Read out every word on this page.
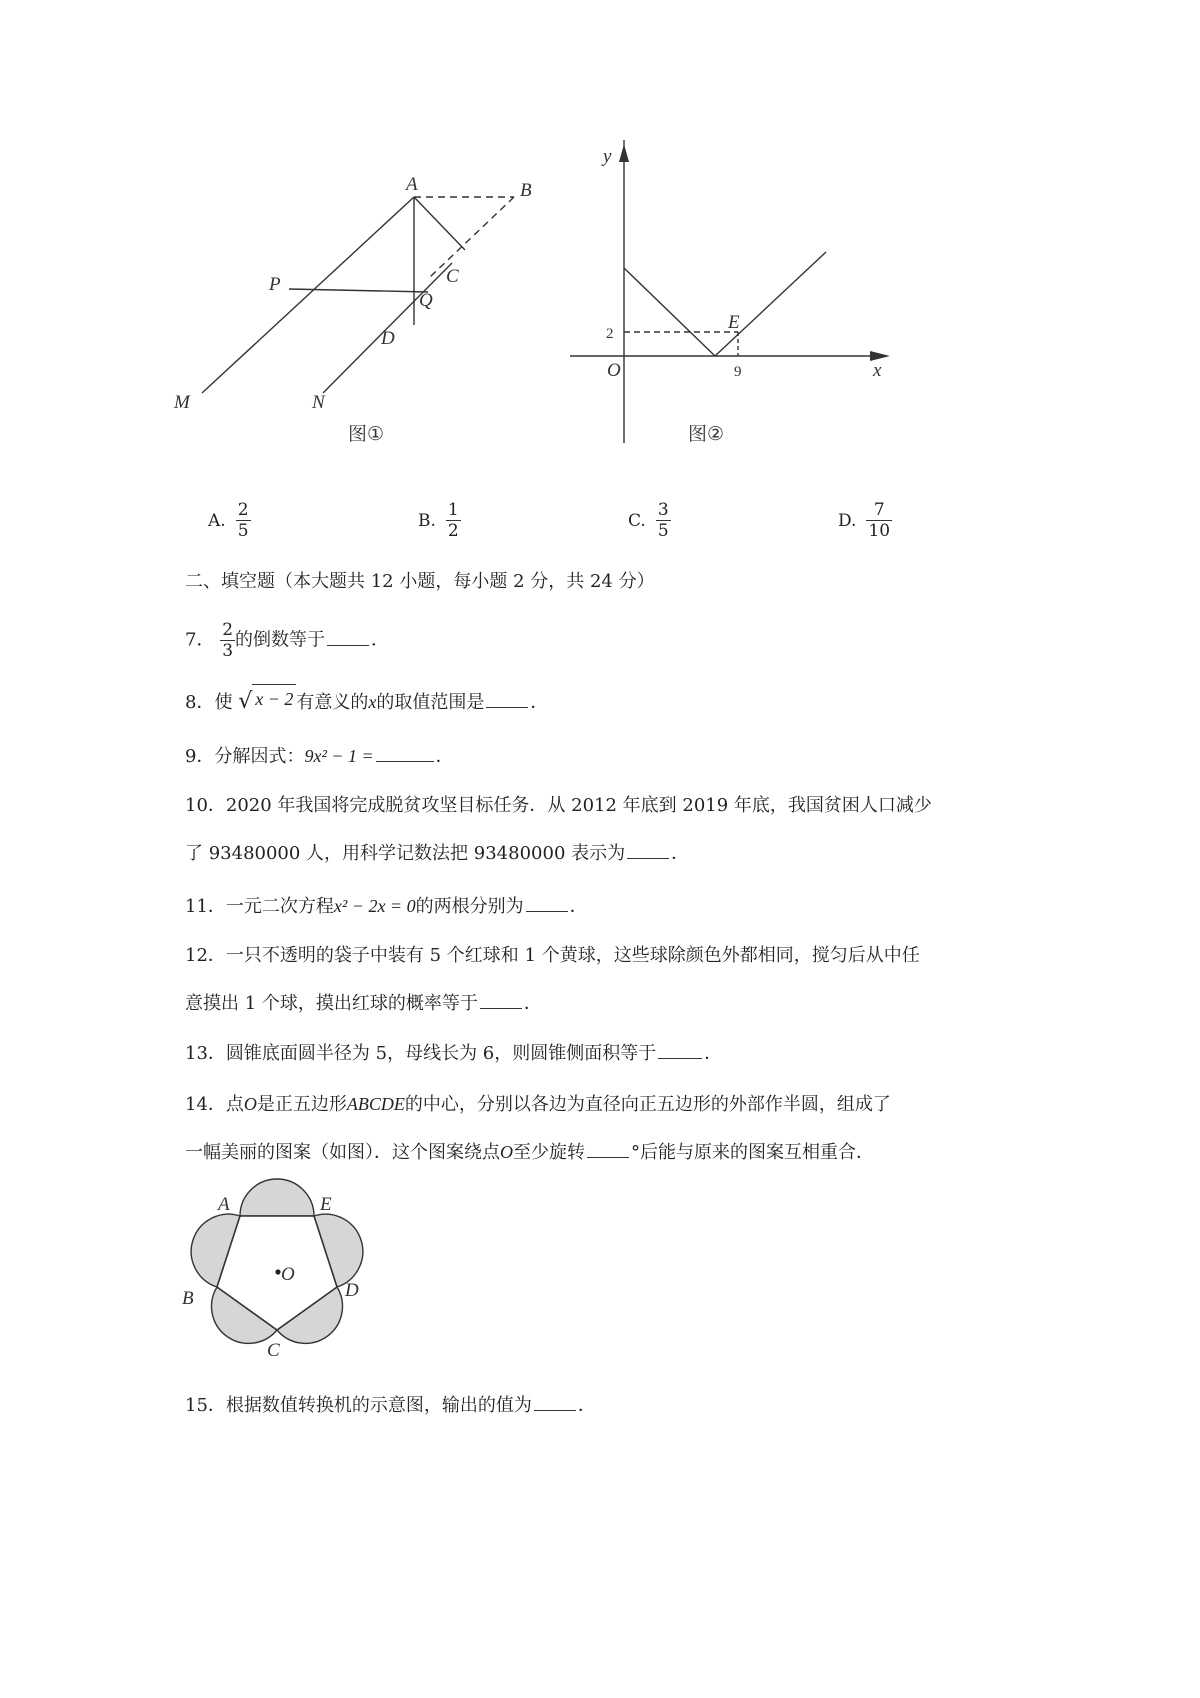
A	B
C
P
Q
D
M	N
图①
y
x
O
E
2
9
图②
A. $\frac{2}{5}$	B. $\frac{1}{2}$	C. $\frac{3}{5}$	D. $\frac{7}{10}$
二、填空题（本大题共 12 小题，每小题 2 分，共 24 分）
7． $\frac{2}{3}$ 的倒数等于	．
8．使 √ x − 2 有意义的x的取值范围是	．
9．分解因式：9x² − 1 =	．
10．2020 年我国将完成脱贫攻坚目标任务．从 2012 年底到 2019 年底，我国贫困人口减少
了 93480000 人，用科学记数法把 93480000 表示为	．
11．一元二次方程x² − 2x = 0的两根分别为	．
12．一只不透明的袋子中装有 5 个红球和 1 个黄球，这些球除颜色外都相同，搅匀后从中任
意摸出 1 个球，摸出红球的概率等于	．
13．圆锥底面圆半径为 5，母线长为 6，则圆锥侧面积等于	．
14．点O是正五边形ABCDE的中心，分别以各边为直径向正五边形的外部作半圆，组成了
一幅美丽的图案（如图）．这个图案绕点O至少旋转	°后能与原来的图案互相重合．
A	E
B	D
C
O
15．根据数值转换机的示意图，输出的值为	．
